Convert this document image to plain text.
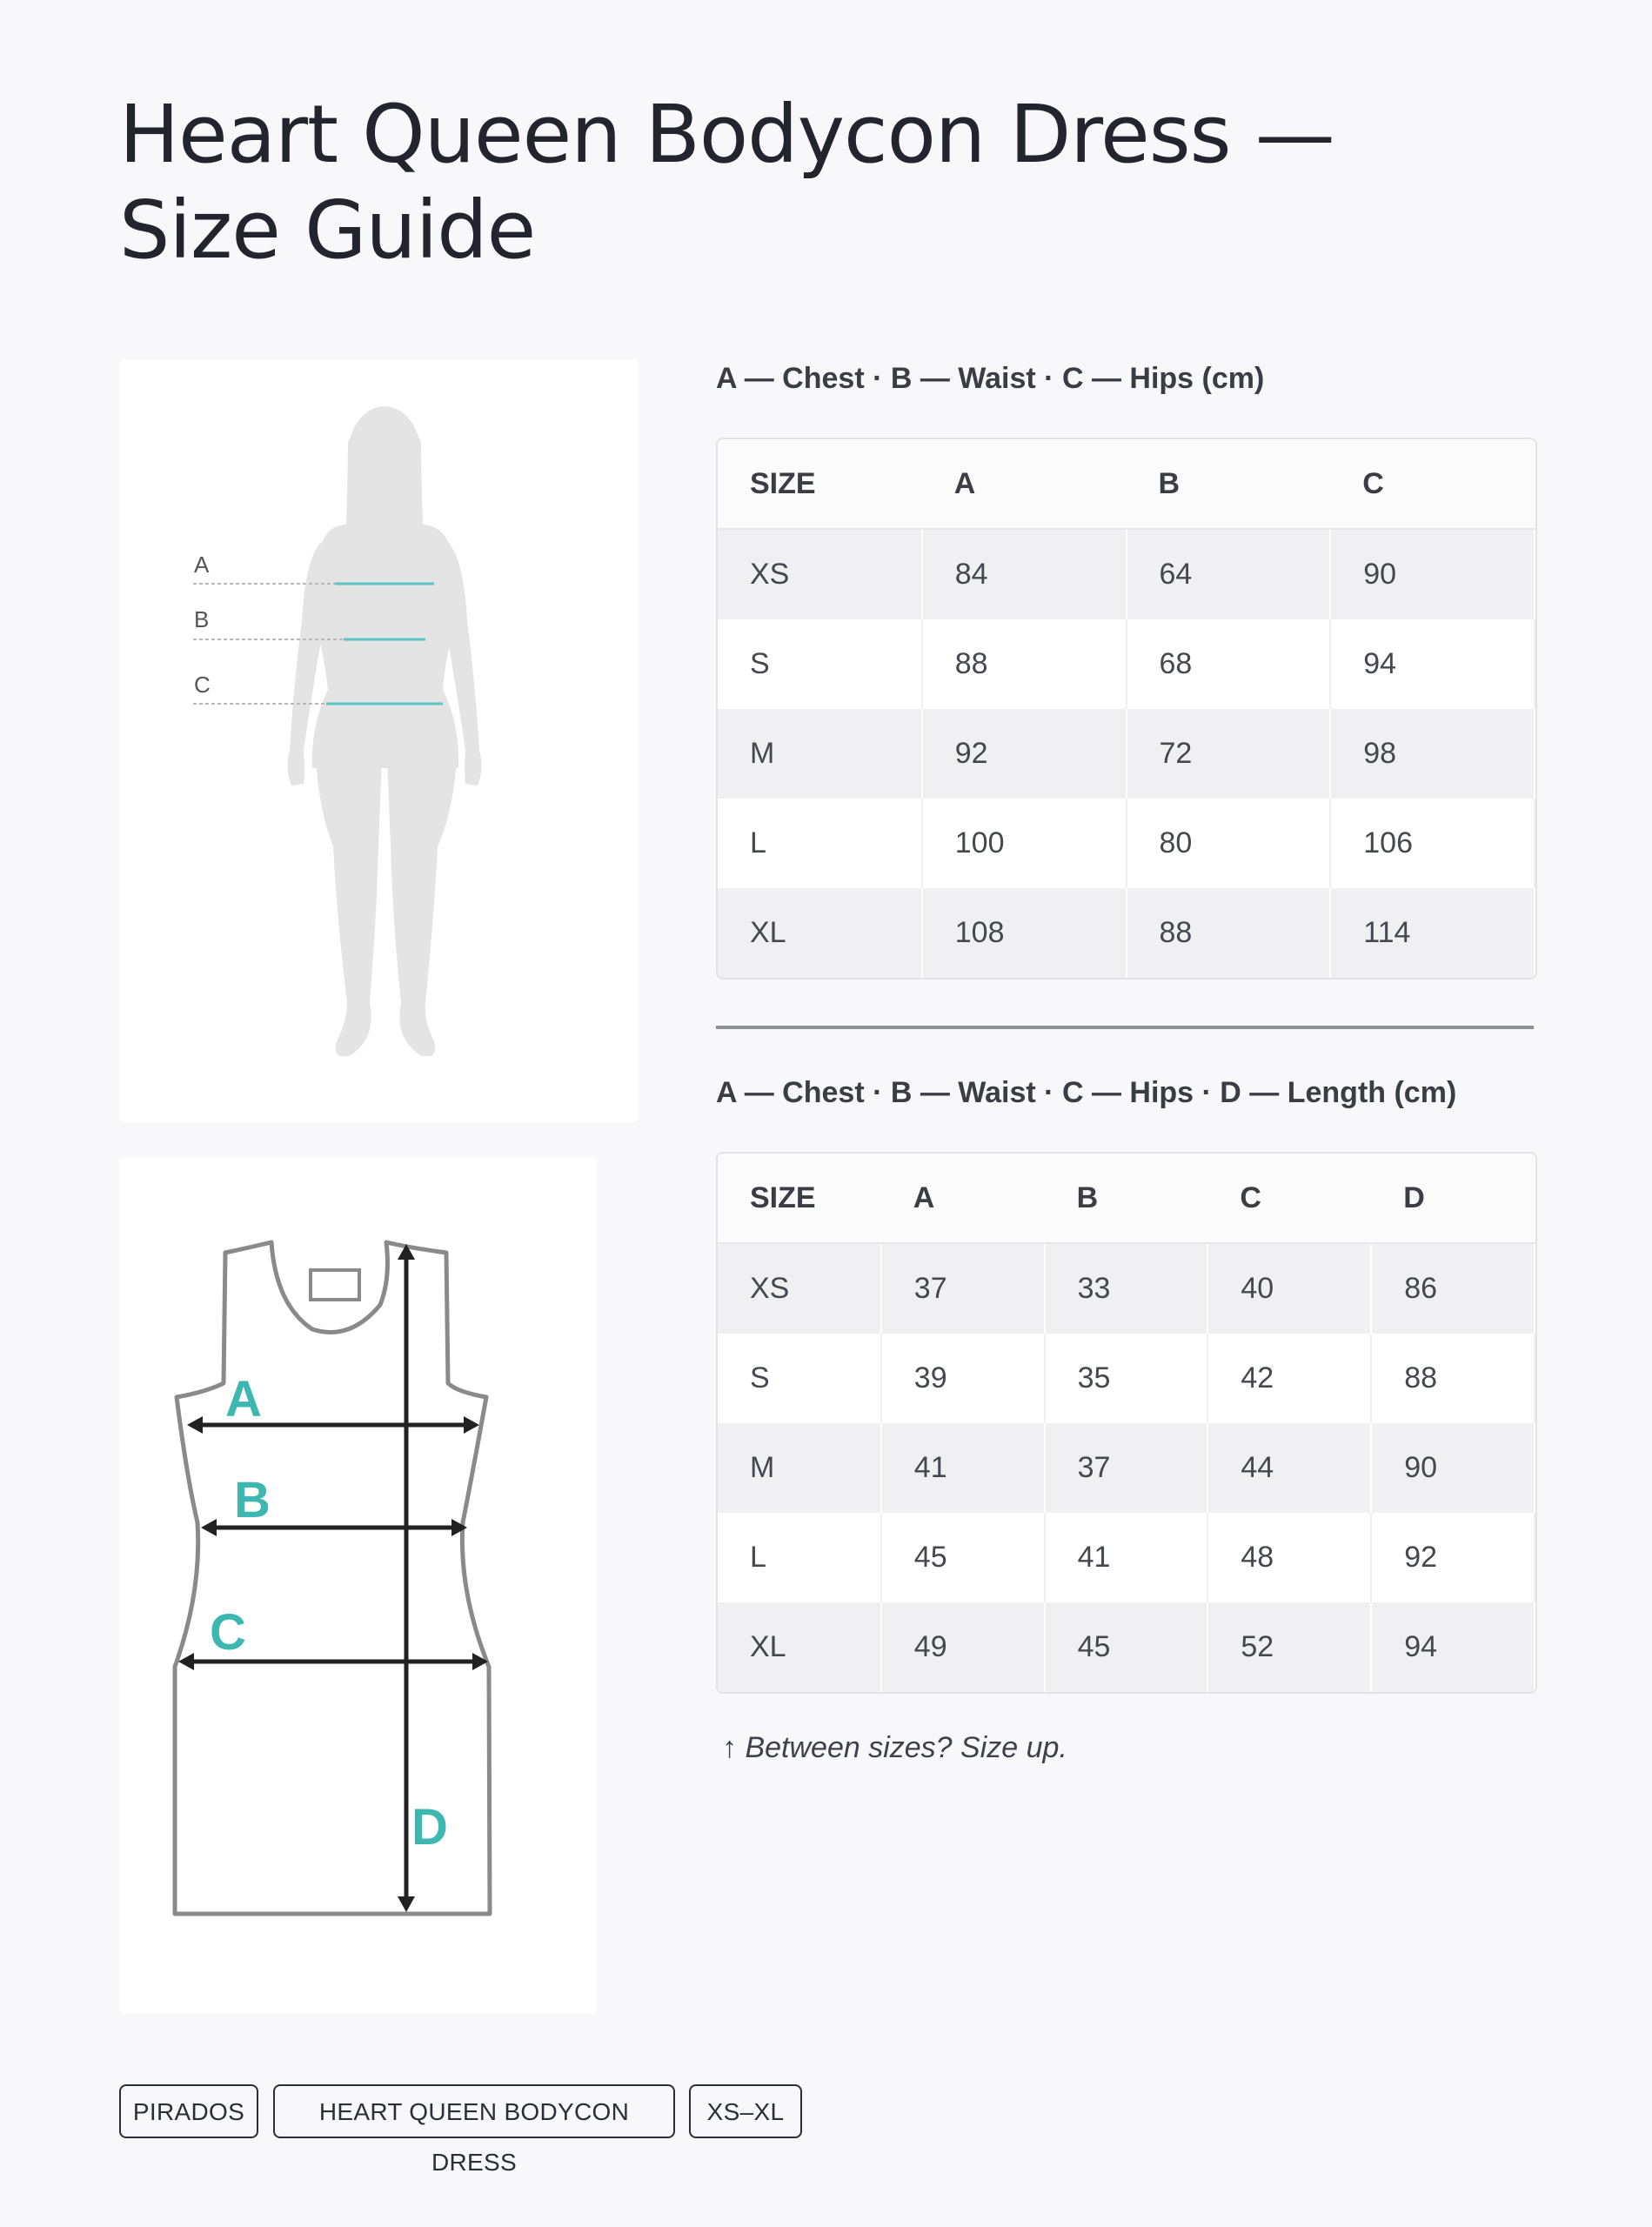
Heart Queen Bodycon Dress — Size Guide
A
B
C
A
B
C
D
A — Chest · B — Waist · C — Hips (cm)
SIZE	A	B	C
XS	84	64	90
S	88	68	94
M	92	72	98
L	100	80	106
XL	108	88	114
A — Chest · B — Waist · C — Hips · D — Length (cm)
SIZE	A	B	C	D
XS	37	33	40	86
S	39	35	42	88
M	41	37	44	90
L	45	41	48	92
XL	49	45	52	94
↑ Between sizes? Size up.
PIRADOS	HEART QUEEN BODYCON DRESS
XS–XL
